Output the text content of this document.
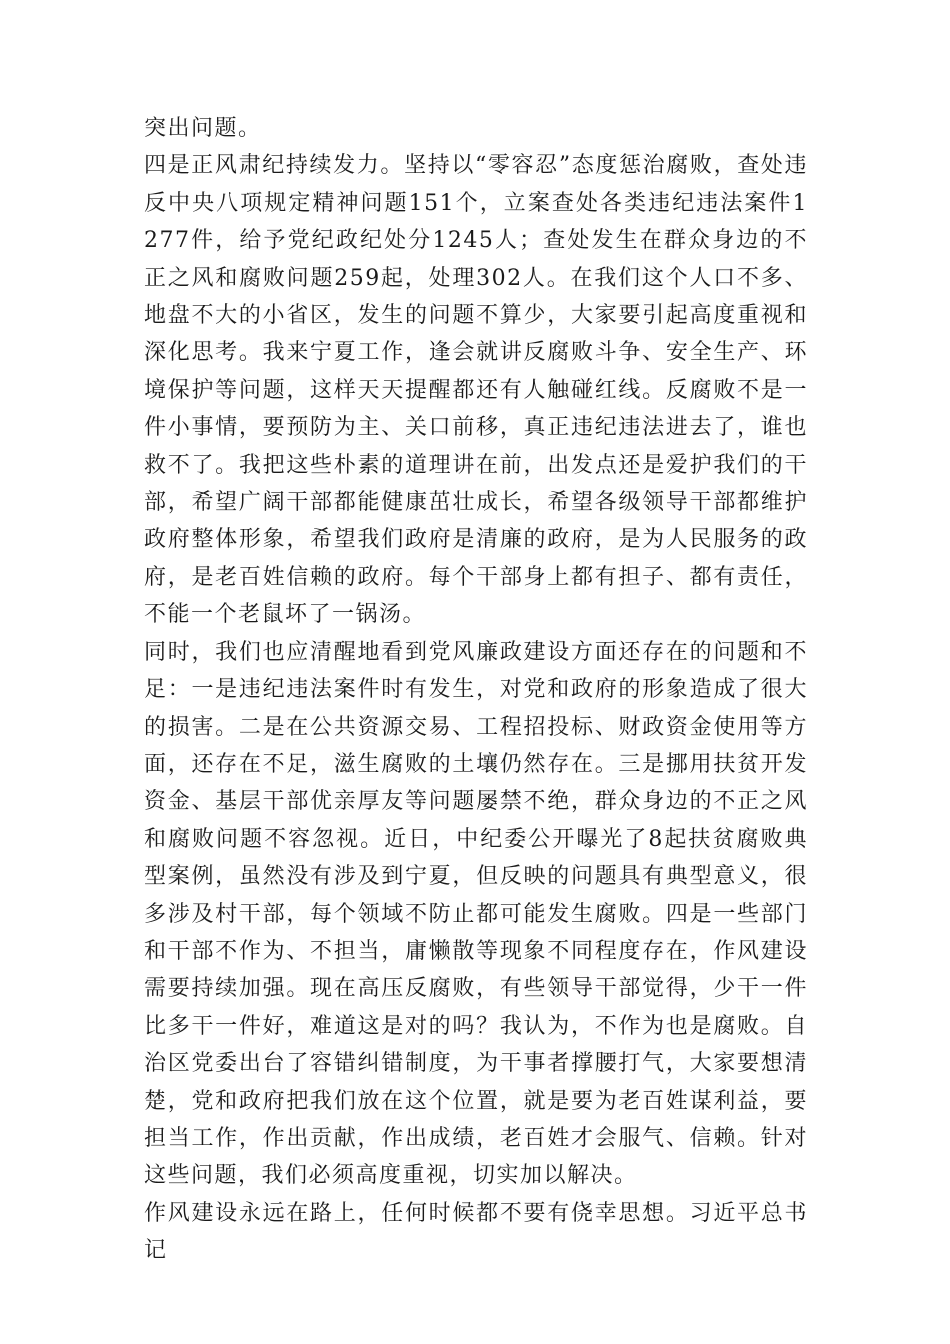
突出问题。

四是正风肃纪持续发力。坚持以“零容忍”态度惩治腐败，查处违反中央八项规定精神问题151个，立案查处各类违纪违法案件1277件，给予党纪政纪处分1245人；查处发生在群众身边的不正之风和腐败问题259起，处理302人。在我们这个人口不多、地盘不大的小省区，发生的问题不算少，大家要引起高度重视和深化思考。我来宁夏工作，逢会就讲反腐败斗争、安全生产、环境保护等问题，这样天天提醒都还有人触碰红线。反腐败不是一件小事情，要预防为主、关口前移，真正违纪违法进去了，谁也救不了。我把这些朴素的道理讲在前，出发点还是爱护我们的干部，希望广阔干部都能健康茁壮成长，希望各级领导干部都维护政府整体形象，希望我们政府是清廉的政府，是为人民服务的政府，是老百姓信赖的政府。每个干部身上都有担子、都有责任，不能一个老鼠坏了一锅汤。

同时，我们也应清醒地看到党风廉政建设方面还存在的问题和不足：一是违纪违法案件时有发生，对党和政府的形象造成了很大的损害。二是在公共资源交易、工程招投标、财政资金使用等方面，还存在不足，滋生腐败的土壤仍然存在。三是挪用扶贫开发资金、基层干部优亲厚友等问题屡禁不绝，群众身边的不正之风和腐败问题不容忽视。近日，中纪委公开曝光了8起扶贫腐败典型案例，虽然没有涉及到宁夏，但反映的问题具有典型意义，很多涉及村干部，每个领域不防止都可能发生腐败。四是一些部门和干部不作为、不担当，庸懒散等现象不同程度存在，作风建设需要持续加强。现在高压反腐败，有些领导干部觉得，少干一件比多干一件好，难道这是对的吗？我认为，不作为也是腐败。自治区党委出台了容错纠错制度，为干事者撑腰打气，大家要想清楚，党和政府把我们放在这个位置，就是要为老百姓谋利益，要担当工作，作出贡献，作出成绩，老百姓才会服气、信赖。针对这些问题，我们必须高度重视，切实加以解决。

作风建设永远在路上，任何时候都不要有侥幸思想。习近平总书记
